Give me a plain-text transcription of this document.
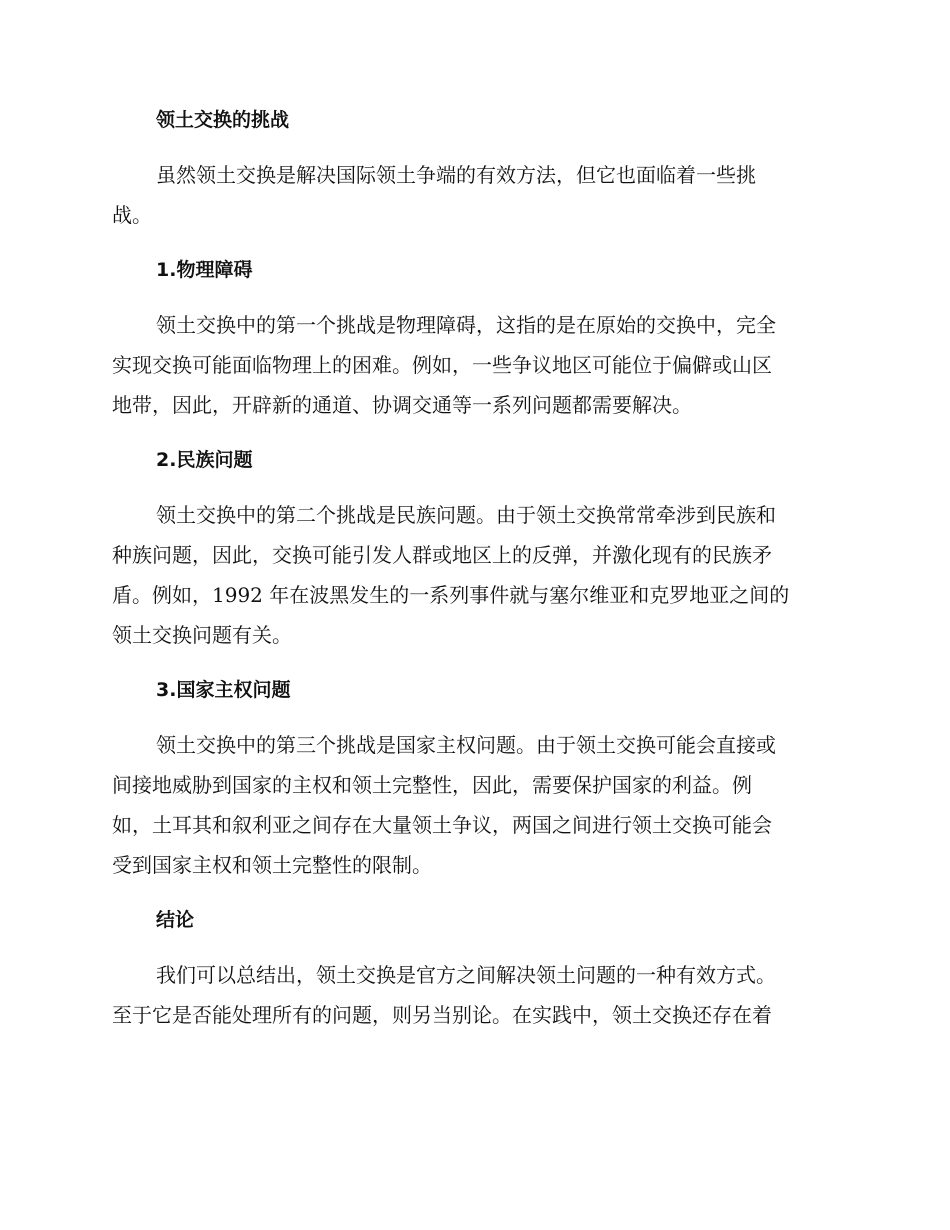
领土交换的挑战
虽然领土交换是解决国际领土争端的有效方法，但它也面临着一些挑
战。
1.物理障碍
领土交换中的第一个挑战是物理障碍，这指的是在原始的交换中，完全
实现交换可能面临物理上的困难。例如，一些争议地区可能位于偏僻或山区
地带，因此，开辟新的通道、协调交通等一系列问题都需要解决。
2.民族问题
领土交换中的第二个挑战是民族问题。由于领土交换常常牵涉到民族和
种族问题，因此，交换可能引发人群或地区上的反弹，并激化现有的民族矛
盾。例如，1992 年在波黑发生的一系列事件就与塞尔维亚和克罗地亚之间的
领土交换问题有关。
3.国家主权问题
领土交换中的第三个挑战是国家主权问题。由于领土交换可能会直接或
间接地威胁到国家的主权和领土完整性，因此，需要保护国家的利益。例
如，土耳其和叙利亚之间存在大量领土争议，两国之间进行领土交换可能会
受到国家主权和领土完整性的限制。
结论
我们可以总结出，领土交换是官方之间解决领土问题的一种有效方式。
至于它是否能处理所有的问题，则另当别论。在实践中，领土交换还存在着
